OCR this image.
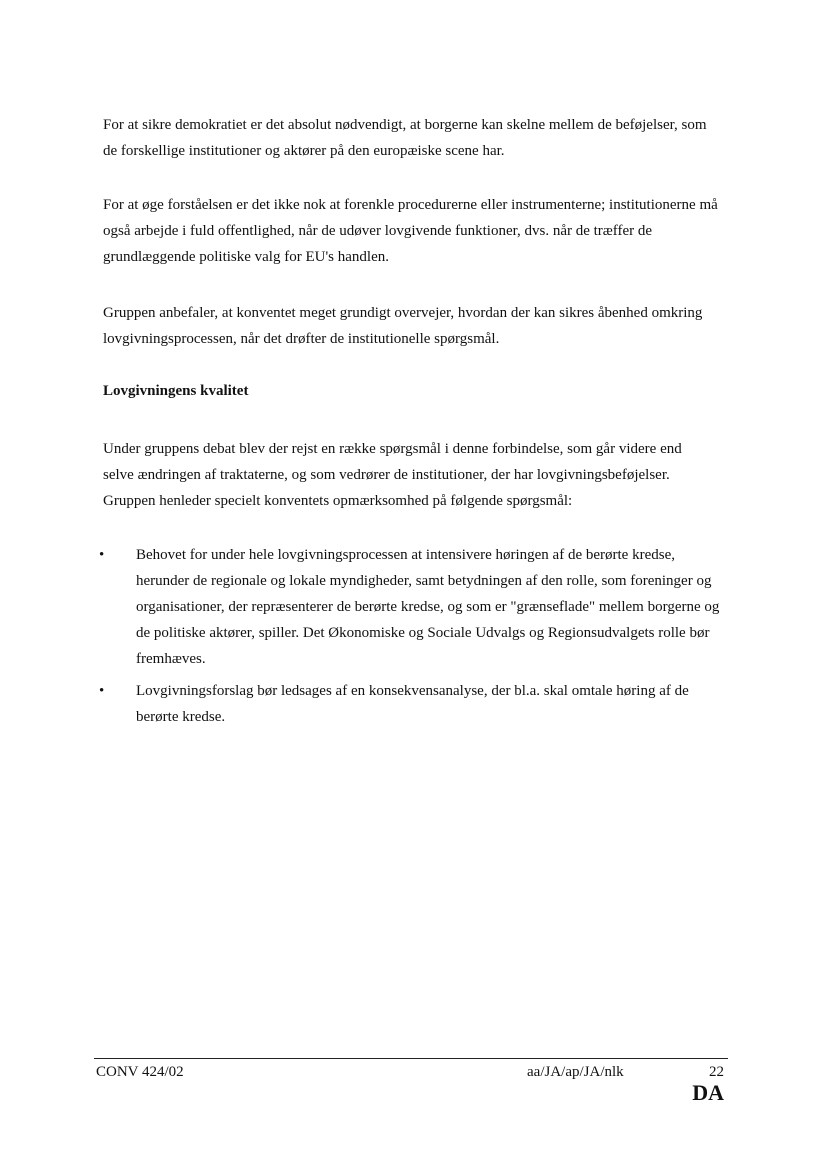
For at sikre demokratiet er det absolut nødvendigt, at borgerne kan skelne mellem de beføjelser, som de forskellige institutioner og aktører på den europæiske scene har.

For at øge forståelsen er det ikke nok at forenkle procedurerne eller instrumenterne; institutionerne må også arbejde i fuld offentlighed, når de udøver lovgivende funktioner, dvs. når de træffer de grundlæggende politiske valg for EU's handlen.

Gruppen anbefaler, at konventet meget grundigt overvejer, hvordan der kan sikres åbenhed omkring lovgivningsprocessen, når det drøfter de institutionelle spørgsmål.

Lovgivningens kvalitet

Under gruppens debat blev der rejst en række spørgsmål i denne forbindelse, som går videre end selve ændringen af traktaterne, og som vedrører de institutioner, der har lovgivningsbeføjelser. Gruppen henleder specielt konventets opmærksomhed på følgende spørgsmål:

• Behovet for under hele lovgivningsprocessen at intensivere høringen af de berørte kredse, herunder de regionale og lokale myndigheder, samt betydningen af den rolle, som foreninger og organisationer, der repræsenterer de berørte kredse, og som er "grænseflade" mellem borgerne og de politiske aktører, spiller. Det Økonomiske og Sociale Udvalgs og Regionsudvalgets rolle bør fremhæves.

• Lovgivningsforslag bør ledsages af en konsekvensanalyse, der bl.a. skal omtale høring af de berørte kredse.

CONV 424/02	aa/JA/ap/JA/nlk	22
DA
